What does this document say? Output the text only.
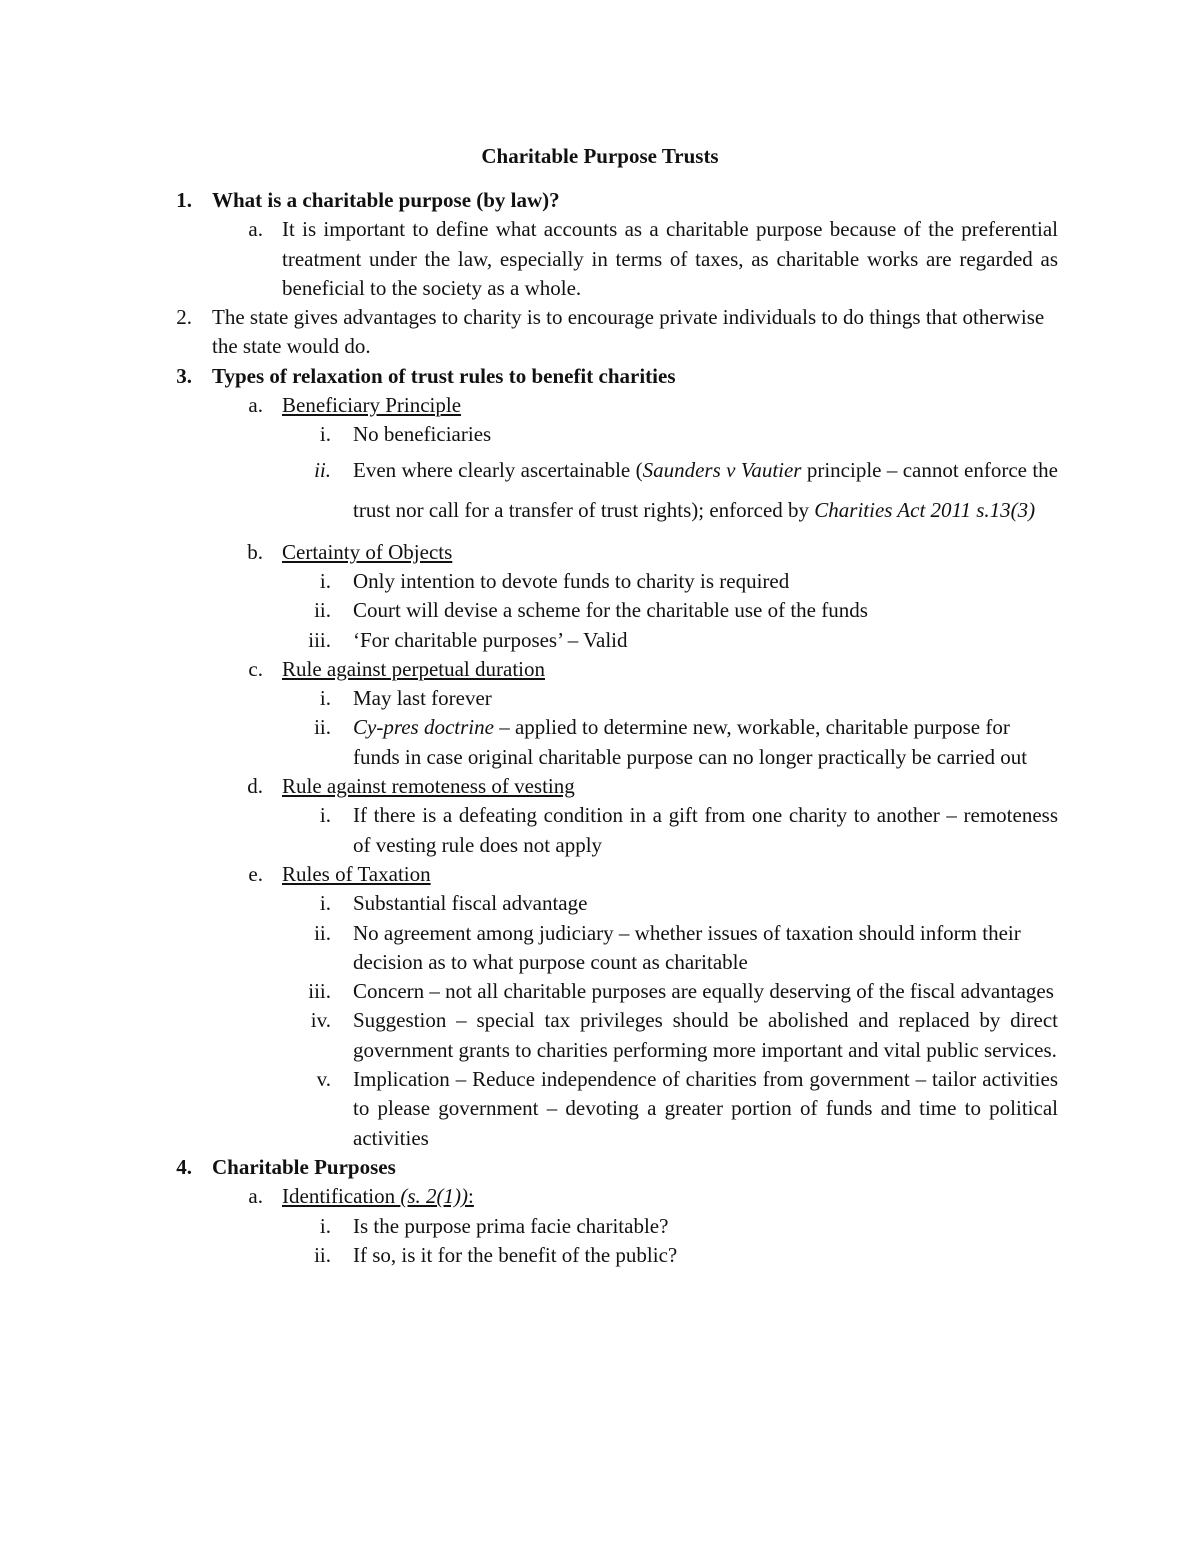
Charitable Purpose Trusts
1. What is a charitable purpose (by law)?
a. It is important to define what accounts as a charitable purpose because of the preferential treatment under the law, especially in terms of taxes, as charitable works are regarded as beneficial to the society as a whole.
2. The state gives advantages to charity is to encourage private individuals to do things that otherwise the state would do.
3. Types of relaxation of trust rules to benefit charities
a. Beneficiary Principle
i. No beneficiaries
ii. Even where clearly ascertainable (Saunders v Vautier principle – cannot enforce the trust nor call for a transfer of trust rights); enforced by Charities Act 2011 s.13(3)
b. Certainty of Objects
i. Only intention to devote funds to charity is required
ii. Court will devise a scheme for the charitable use of the funds
iii. ‘For charitable purposes’ – Valid
c. Rule against perpetual duration
i. May last forever
ii. Cy-pres doctrine – applied to determine new, workable, charitable purpose for funds in case original charitable purpose can no longer practically be carried out
d. Rule against remoteness of vesting
i. If there is a defeating condition in a gift from one charity to another – remoteness of vesting rule does not apply
e. Rules of Taxation
i. Substantial fiscal advantage
ii. No agreement among judiciary – whether issues of taxation should inform their decision as to what purpose count as charitable
iii. Concern – not all charitable purposes are equally deserving of the fiscal advantages
iv. Suggestion – special tax privileges should be abolished and replaced by direct government grants to charities performing more important and vital public services.
v. Implication – Reduce independence of charities from government – tailor activities to please government – devoting a greater portion of funds and time to political activities
4. Charitable Purposes
a. Identification (s. 2(1)):
i. Is the purpose prima facie charitable?
ii. If so, is it for the benefit of the public?
